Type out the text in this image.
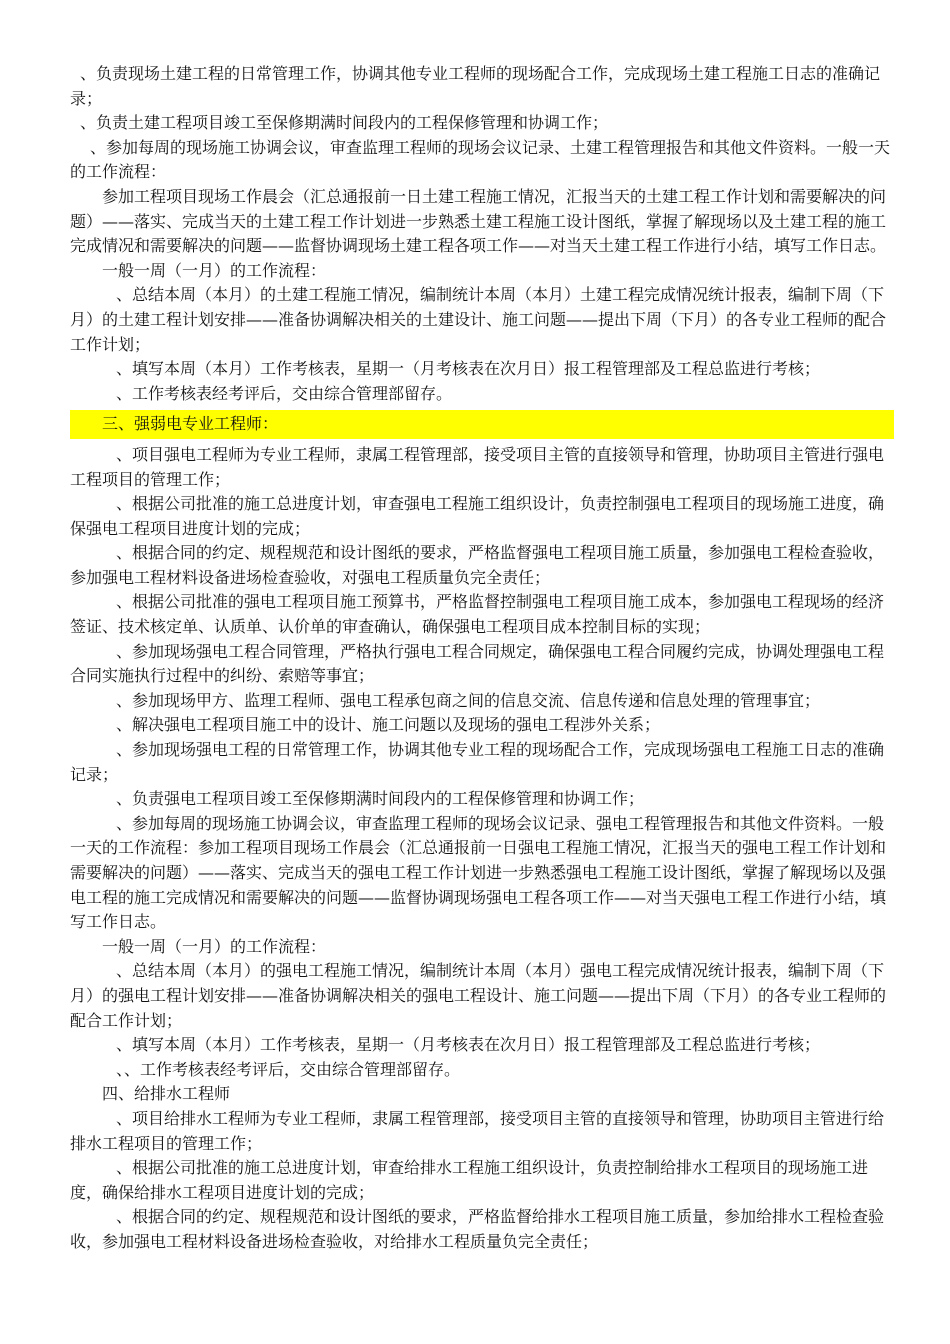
、负责现场土建工程的日常管理工作，协调其他专业工程师的现场配合工作，完成现场土建工程施工日志的准确记录；

、负责土建工程项目竣工至保修期满时间段内的工程保修管理和协调工作；

、参加每周的现场施工协调会议，审查监理工程师的现场会议记录、土建工程管理报告和其他文件资料。一般一天的工作流程：

参加工程项目现场工作晨会（汇总通报前一日土建工程施工情况，汇报当天的土建工程工作计划和需要解决的问题）——落实、完成当天的土建工程工作计划进一步熟悉土建工程施工设计图纸，掌握了解现场以及土建工程的施工完成情况和需要解决的问题——监督协调现场土建工程各项工作——对当天土建工程工作进行小结，填写工作日志。

一般一周（一月）的工作流程：

、总结本周（本月）的土建工程施工情况，编制统计本周（本月）土建工程完成情况统计报表，编制下周（下月）的土建工程计划安排——准备协调解决相关的土建设计、施工问题——提出下周（下月）的各专业工程师的配合工作计划；

、填写本周（本月）工作考核表，星期一（月考核表在次月日）报工程管理部及工程总监进行考核；

、工作考核表经考评后，交由综合管理部留存。

三、强弱电专业工程师：

、项目强电工程师为专业工程师，隶属工程管理部，接受项目主管的直接领导和管理，协助项目主管进行强电工程项目的管理工作；

、根据公司批准的施工总进度计划，审查强电工程施工组织设计，负责控制强电工程项目的现场施工进度，确保强电工程项目进度计划的完成；

、根据合同的约定、规程规范和设计图纸的要求，严格监督强电工程项目施工质量，参加强电工程检查验收，参加强电工程材料设备进场检查验收，对强电工程质量负完全责任；

、根据公司批准的强电工程项目施工预算书，严格监督控制强电工程项目施工成本，参加强电工程现场的经济签证、技术核定单、认质单、认价单的审查确认，确保强电工程项目成本控制目标的实现；

、参加现场强电工程合同管理，严格执行强电工程合同规定，确保强电工程合同履约完成，协调处理强电工程合同实施执行过程中的纠纷、索赔等事宜；

、参加现场甲方、监理工程师、强电工程承包商之间的信息交流、信息传递和信息处理的管理事宜；

、解决强电工程项目施工中的设计、施工问题以及现场的强电工程涉外关系；

、参加现场强电工程的日常管理工作，协调其他专业工程的现场配合工作，完成现场强电工程施工日志的准确记录；

、负责强电工程项目竣工至保修期满时间段内的工程保修管理和协调工作；

、参加每周的现场施工协调会议，审查监理工程师的现场会议记录、强电工程管理报告和其他文件资料。一般一天的工作流程：参加工程项目现场工作晨会（汇总通报前一日强电工程施工情况，汇报当天的强电工程工作计划和需要解决的问题）——落实、完成当天的强电工程工作计划进一步熟悉强电工程施工设计图纸，掌握了解现场以及强电工程的施工完成情况和需要解决的问题——监督协调现场强电工程各项工作——对当天强电工程工作进行小结，填写工作日志。

一般一周（一月）的工作流程：

、总结本周（本月）的强电工程施工情况，编制统计本周（本月）强电工程完成情况统计报表，编制下周（下月）的强电工程计划安排——准备协调解决相关的强电工程设计、施工问题——提出下周（下月）的各专业工程师的配合工作计划；

、填写本周（本月）工作考核表，星期一（月考核表在次月日）报工程管理部及工程总监进行考核；

、、工作考核表经考评后，交由综合管理部留存。

四、给排水工程师

、项目给排水工程师为专业工程师，隶属工程管理部，接受项目主管的直接领导和管理，协助项目主管进行给排水工程项目的管理工作；

、根据公司批准的施工总进度计划，审查给排水工程施工组织设计，负责控制给排水工程项目的现场施工进度，确保给排水工程项目进度计划的完成；

、根据合同的约定、规程规范和设计图纸的要求，严格监督给排水工程项目施工质量，参加给排水工程检查验收，参加强电工程材料设备进场检查验收，对给排水工程质量负完全责任；
